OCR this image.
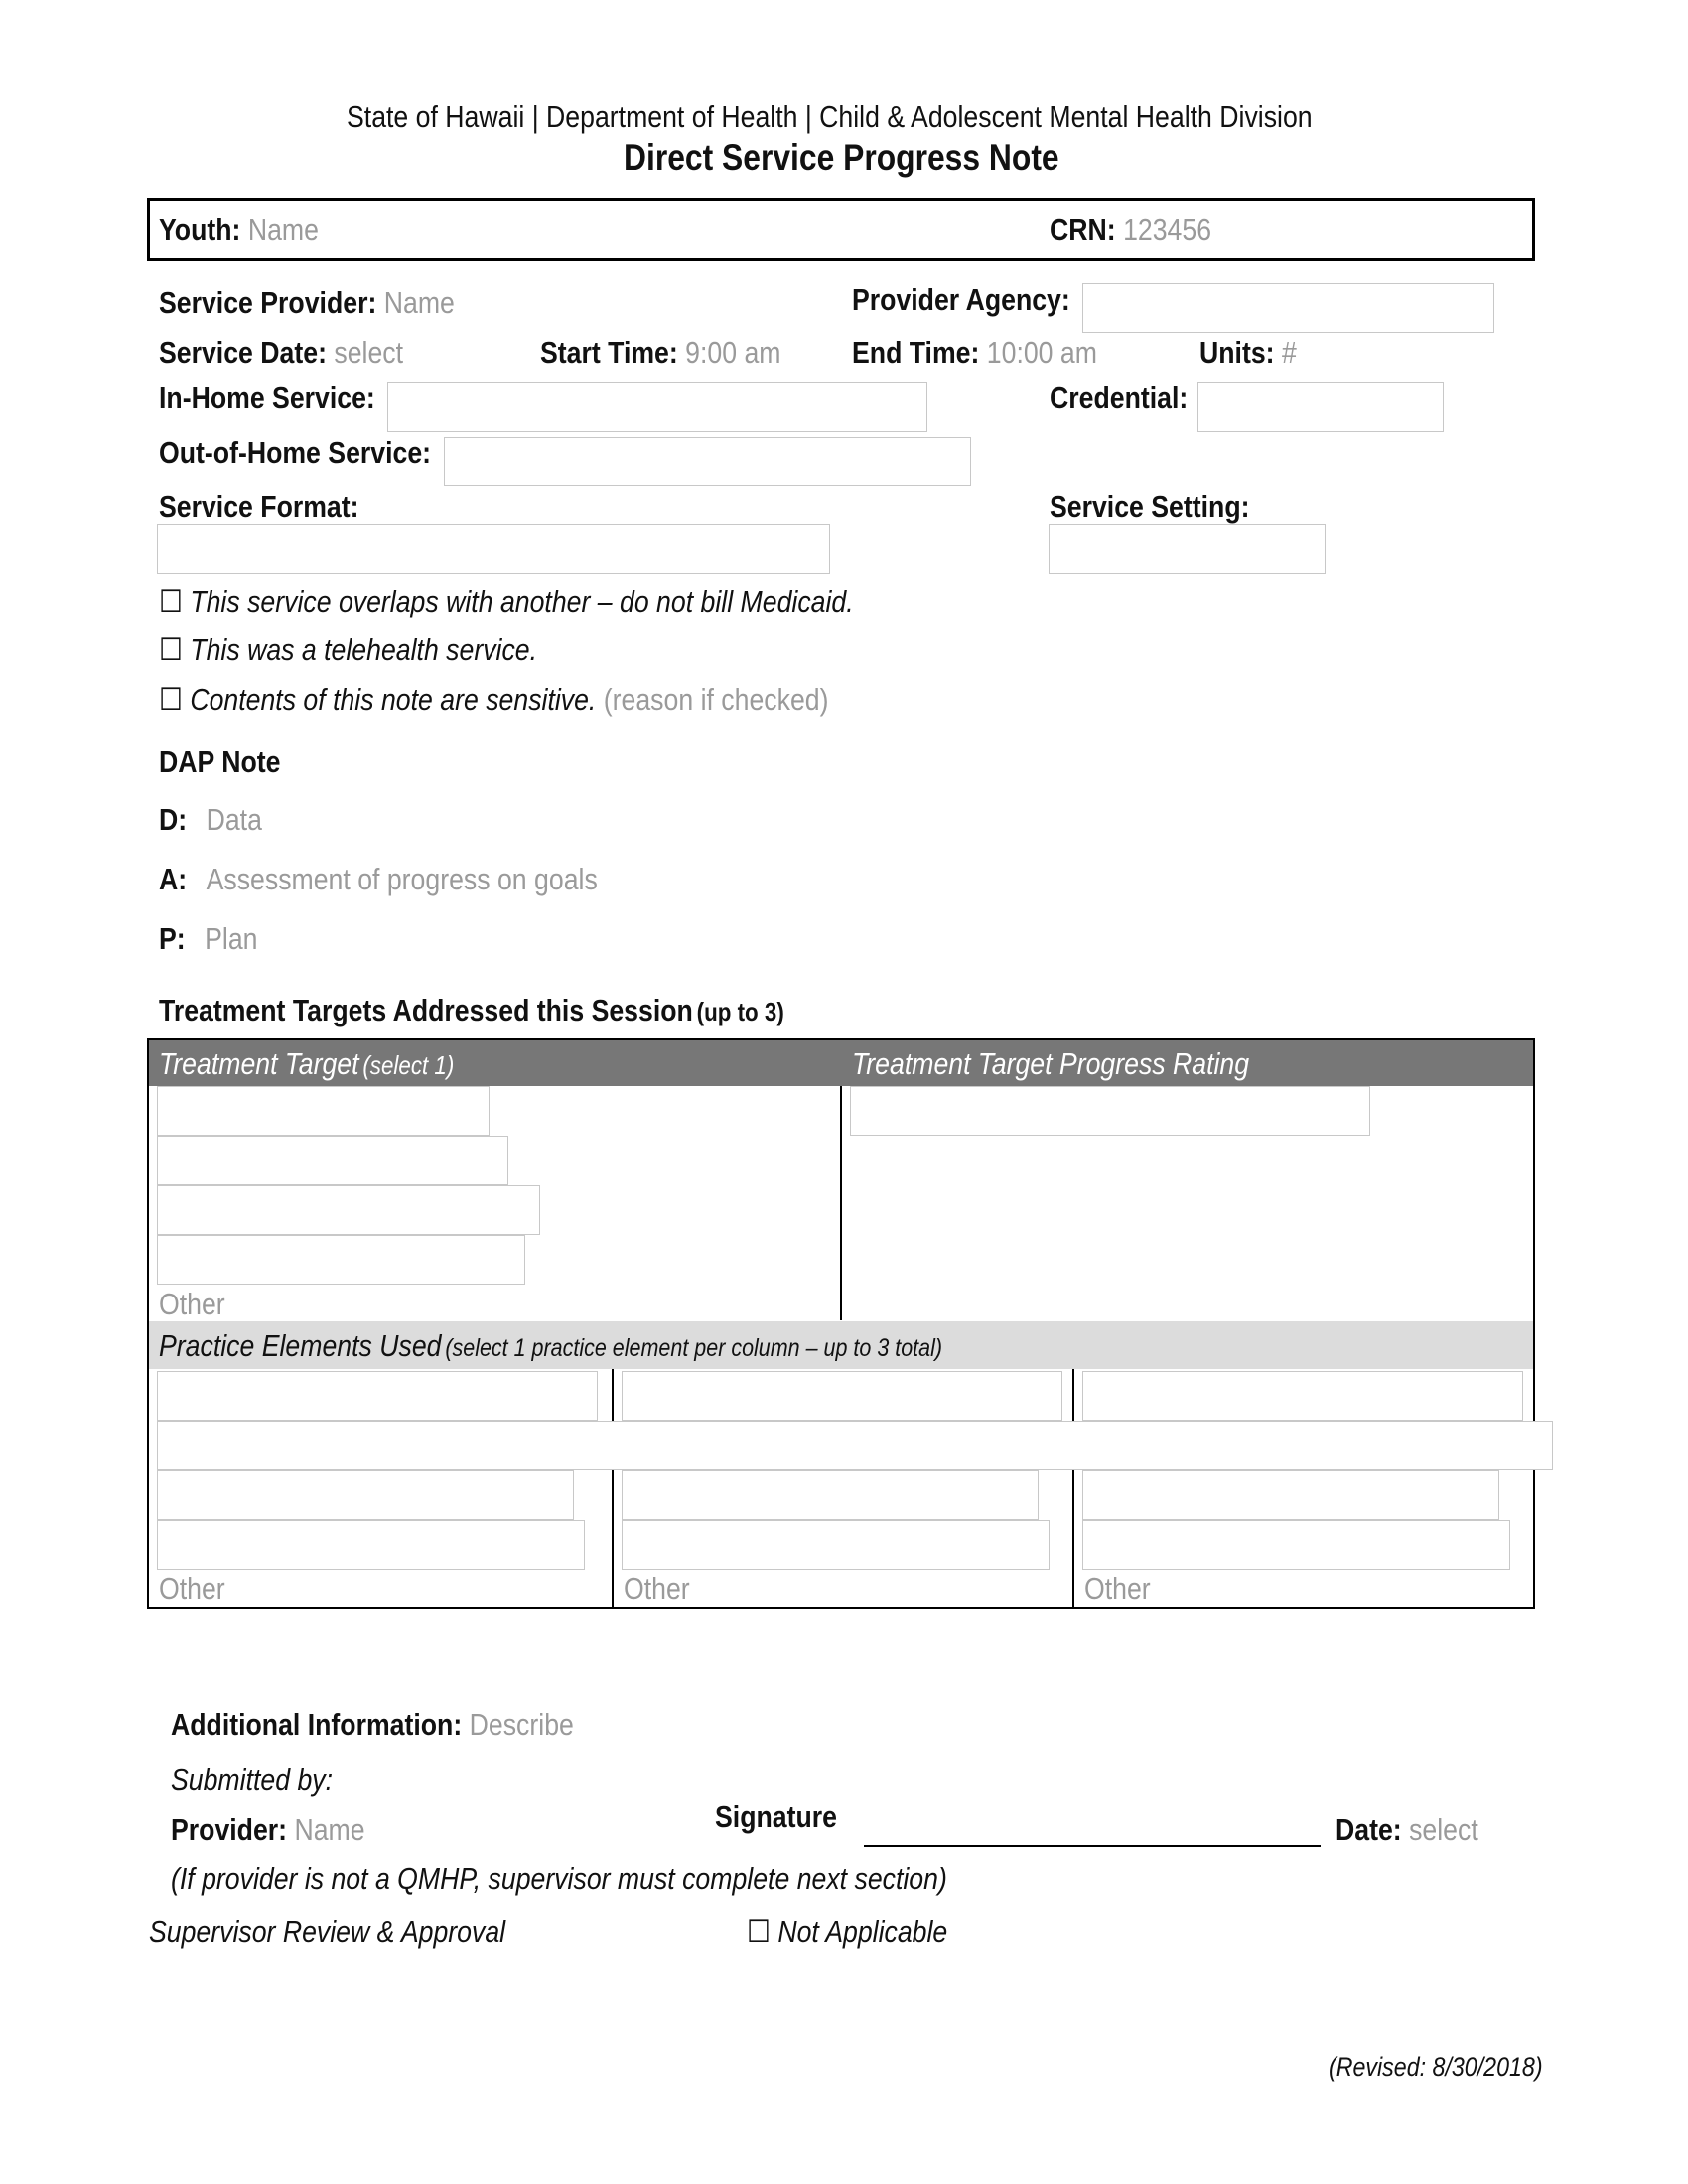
State of Hawaii | Department of Health | Child & Adolescent Mental Health Division
Direct Service Progress Note
Youth: Name	CRN: 123456
Service Provider: Name	Provider Agency:
Service Date: select	Start Time: 9:00 am End Time: 10:00 am	Units: #
In-Home Service:	Credential:
Out-of-Home Service:
Service Format:	Service Setting:
☐ This service overlaps with another – do not bill Medicaid.
☐ This was a telehealth service.
☐ Contents of this note are sensitive. (reason if checked)
DAP Note
D: Data
A: Assessment of progress on goals
P: Plan
Treatment Targets Addressed this Session (up to 3)
Treatment Target (select 1)	Treatment Target Progress Rating
Other
Practice Elements Used (select 1 practice element per column – up to 3 total)
Other	Other	Other
Additional Information: Describe
Submitted by:
Provider: Name	Signature	Date: select
(If provider is not a QMHP, supervisor must complete next section)
Supervisor Review & Approval	☐ Not Applicable
(Revised: 8/30/2018)
